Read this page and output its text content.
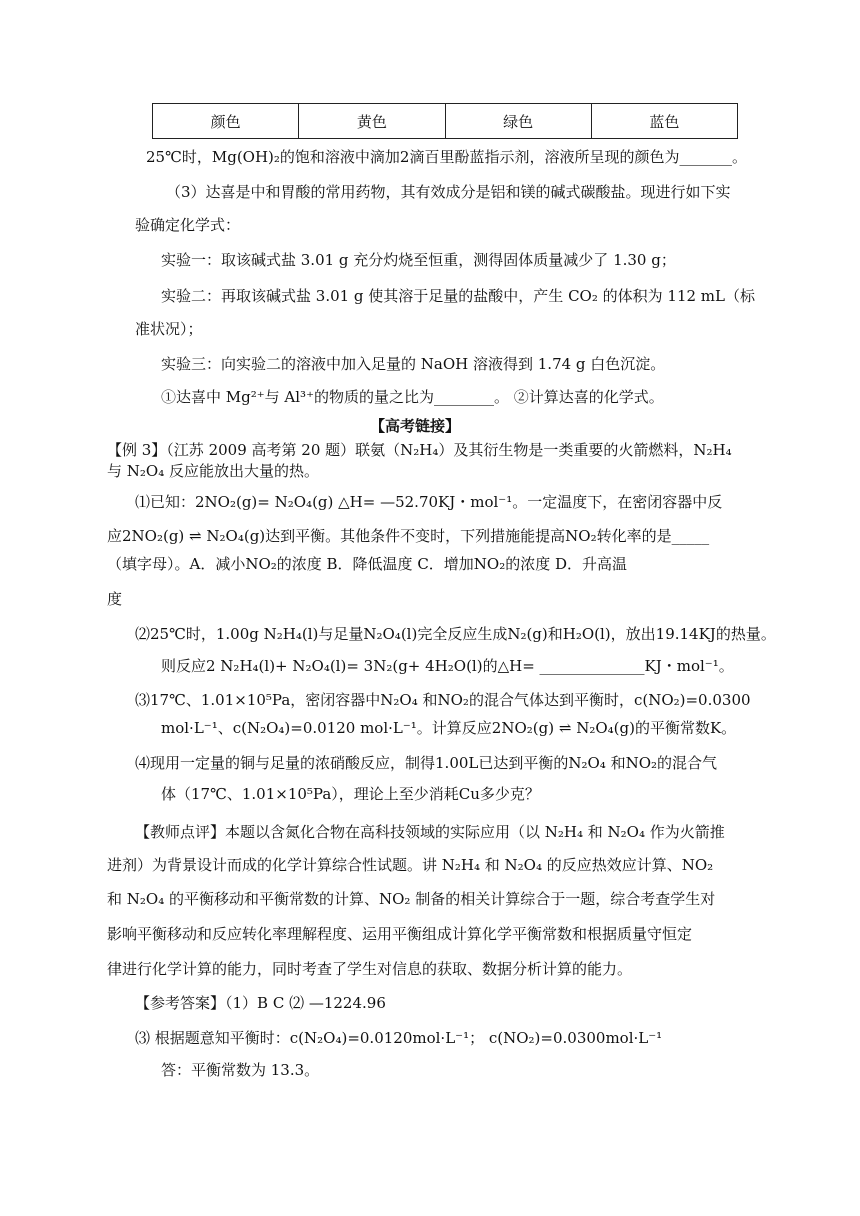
颜色	黄色	绿色	蓝色
25℃时，Mg(OH)₂的饱和溶液中滴加2滴百里酚蓝指示剂，溶液所呈现的颜色为_______。
（3）达喜是中和胃酸的常用药物，其有效成分是铝和镁的碱式碳酸盐。现进行如下实
验确定化学式：
实验一：取该碱式盐 3.01 g 充分灼烧至恒重，测得固体质量减少了 1.30 g；
实验二：再取该碱式盐 3.01 g 使其溶于足量的盐酸中，产生 CO₂ 的体积为 112 mL（标
准状况）；
实验三：向实验二的溶液中加入足量的 NaOH 溶液得到 1.74 g 白色沉淀。
①达喜中 Mg²⁺与 Al³⁺的物质的量之比为________。 ②计算达喜的化学式。
【高考链接】
【例 3】（江苏 2009 高考第 20 题）联氨（N₂H₄）及其衍生物是一类重要的火箭燃料，N₂H₄
与 N₂O₄ 反应能放出大量的热。
⑴已知：2NO₂(g)= N₂O₄(g) △H= —52.70KJ・mol⁻¹。一定温度下，在密闭容器中反
应2NO₂(g) ⇌ N₂O₄(g)达到平衡。其他条件不变时，下列措施能提高NO₂转化率的是_____
（填字母）。A．减小NO₂的浓度 B．降低温度 C．增加NO₂的浓度 D．升高温
度
⑵25℃时，1.00g N₂H₄(l)与足量N₂O₄(l)完全反应生成N₂(g)和H₂O(l)，放出19.14KJ的热量。
则反应2 N₂H₄(l)+ N₂O₄(l)= 3N₂(g+ 4H₂O(l)的△H= ______________KJ・mol⁻¹。
⑶17℃、1.01×10⁵Pa，密闭容器中N₂O₄ 和NO₂的混合气体达到平衡时，c(NO₂)=0.0300
mol·L⁻¹、c(N₂O₄)=0.0120 mol·L⁻¹。计算反应2NO₂(g) ⇌ N₂O₄(g)的平衡常数K。
⑷现用一定量的铜与足量的浓硝酸反应，制得1.00L已达到平衡的N₂O₄ 和NO₂的混合气
体（17℃、1.01×10⁵Pa），理论上至少消耗Cu多少克？
【教师点评】本题以含氮化合物在高科技领域的实际应用（以 N₂H₄ 和 N₂O₄ 作为火箭推
进剂）为背景设计而成的化学计算综合性试题。讲 N₂H₄ 和 N₂O₄ 的反应热效应计算、NO₂
和 N₂O₄ 的平衡移动和平衡常数的计算、NO₂ 制备的相关计算综合于一题，综合考查学生对
影响平衡移动和反应转化率理解程度、运用平衡组成计算化学平衡常数和根据质量守恒定
律进行化学计算的能力，同时考查了学生对信息的获取、数据分析计算的能力。
【参考答案】（1）B C ⑵ —1224.96
⑶ 根据题意知平衡时：c(N₂O₄)=0.0120mol·L⁻¹； c(NO₂)=0.0300mol·L⁻¹
答：平衡常数为 13.3。
